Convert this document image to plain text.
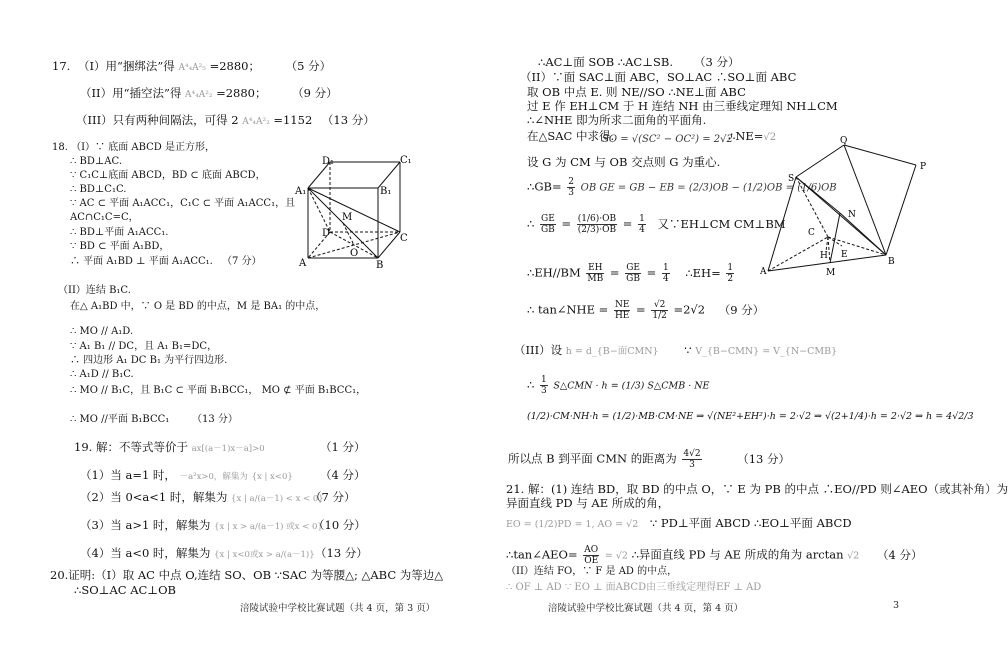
17. （I）用“捆绑法”得 A⁴₄A²₅ =2880； （5 分）
（II）用“插空法”得 A⁴₄A²₂ =2880； （9 分）
（III）只有两种间隔法，可得 2 A⁴₄A²₂ =1152 （13 分）
18. （I）∵ 底面 ABCD 是正方形，
∴ BD⊥AC.
∵ C₁C⊥底面 ABCD，BD ⊂ 底面 ABCD，
∴ BD⊥C₁C.
∵ AC ⊂ 平面 A₁ACC₁，C₁C ⊂ 平面 A₁ACC₁，且
AC∩C₁C=C，
∴ BD⊥平面 A₁ACC₁.
∵ BD ⊂ 平面 A₁BD，
∴ 平面 A₁BD ⊥ 平面 A₁ACC₁. （7 分）
D₁	C₁
A₁	B₁
M
D	C
O
A	B
（II）连结 B₁C.
在△ A₁BD 中，∵ O 是 BD 的中点，M 是 BA₁ 的中点，
∴ MO // A₁D.
∵ A₁ B₁ // DC，且 A₁ B₁=DC，
∴ 四边形 A₁ DC B₁ 为平行四边形.
∴ A₁D // B₁C.
∴ MO // B₁C，且 B₁C ⊂ 平面 B₁BCC₁， MO ⊄ 平面 B₁BCC₁，
∴ MO //平面 B₁BCC₁ （13 分）
19. 解：不等式等价于 ax[(a－1)x－a]>0	（1 分）
（1）当 a=1 时， －a²x>0，解集为 {x | x<0} （4 分）
（2）当 0<a<1 时，解集为 {x | a/(a－1) < x < 0}
（7 分）
（3）当 a>1 时，解集为 {x | x > a/(a－1) 或x < 0}
（10 分）
（4）当 a<0 时，解集为 {x | x<0或x > a/(a－1)} （13 分）
20.证明:（I）取 AC 中点 O,连结 SO、OB ∵SAC 为等腰△; △ABC 为等边△
∴SO⊥AC AC⊥OB
涪陵试验中学校比赛试题（共 4 页，第 3 页）
∴AC⊥面 SOB ∴AC⊥SB. （3 分）
（II）∵面 SAC⊥面 ABC，SO⊥AC ∴SO⊥面 ABC
取 OB 中点 E. 则 NE//SO ∴NE⊥面 ABC
过 E 作 EH⊥CM 于 H 连结 NH 由三垂线定理知 NH⊥CM
∴∠NHE 即为所求二面角的平面角.
在△SAC 中求得.
SO = √(SC² − OC²) = 2√2
∴NE=√2
设 G 为 CM 与 OB 交点则 G 为重心.
∴GB= $\frac{2}{3}$ OB GE = GB − EB = (2/3)OB − (1/2)OB = (1/6)OB
∴ $\frac{GE}{GB} = \frac{(1/6)\cdot OB}{(2/3)\cdot OB} = \frac{1}{4}$ 又∵EH⊥CM CM⊥BM
∴EH//BM $\frac{EH}{MB} = \frac{GE}{GB} = \frac{1}{4}$ ∴EH= $\frac{1}{2}$
∴ tan∠NHE = $\frac{NE}{HE} = \frac{√2}{1/2} =2√2$ （9 分）
（III）设 h = d_{B−面CMN} ∵ V_{B−CMN} = V_{N−CMB}
∴ $\frac{1}{3}$ S△CMN · h = (1/3) S△CMB · NE
(1/2)·CM·NH·h = (1/2)·MB·CM·NE ⇒ √(NE²+EH²)·h = 2·√2 ⇒ √(2+1/4)·h = 2·√2 ⇒ h = 4√2/3
所以点 B 到平面 CMN 的距离为 $\frac{4√2}{3}$	（13 分）
21. 解：(1) 连结 BD，取 BD 的中点 O，∵ E 为 PB 的中点 ∴EO//PD 则∠AEO（或其补角）为
异面直线 PD 与 AE 所成的角，
EO = (1/2)PD = 1, AO = √2 ∵ PD⊥平面 ABCD ∴EO⊥平面 ABCD
∴tan∠AEO= $\frac{AO}{OE} = √2$ ∴异面直线 PD 与 AE 所成的角为 arctan √2 （4 分）
（II）连结 FO，∵ F 是 AD 的中点，
∴ OF ⊥ AD ∵ EO ⊥ 面ABCD由三垂线定理得EF ⊥ AD
Q
P
S
N
C
H E
A	M
B
涪陵试验中学校比赛试题（共 4 页，第 4 页）	3
